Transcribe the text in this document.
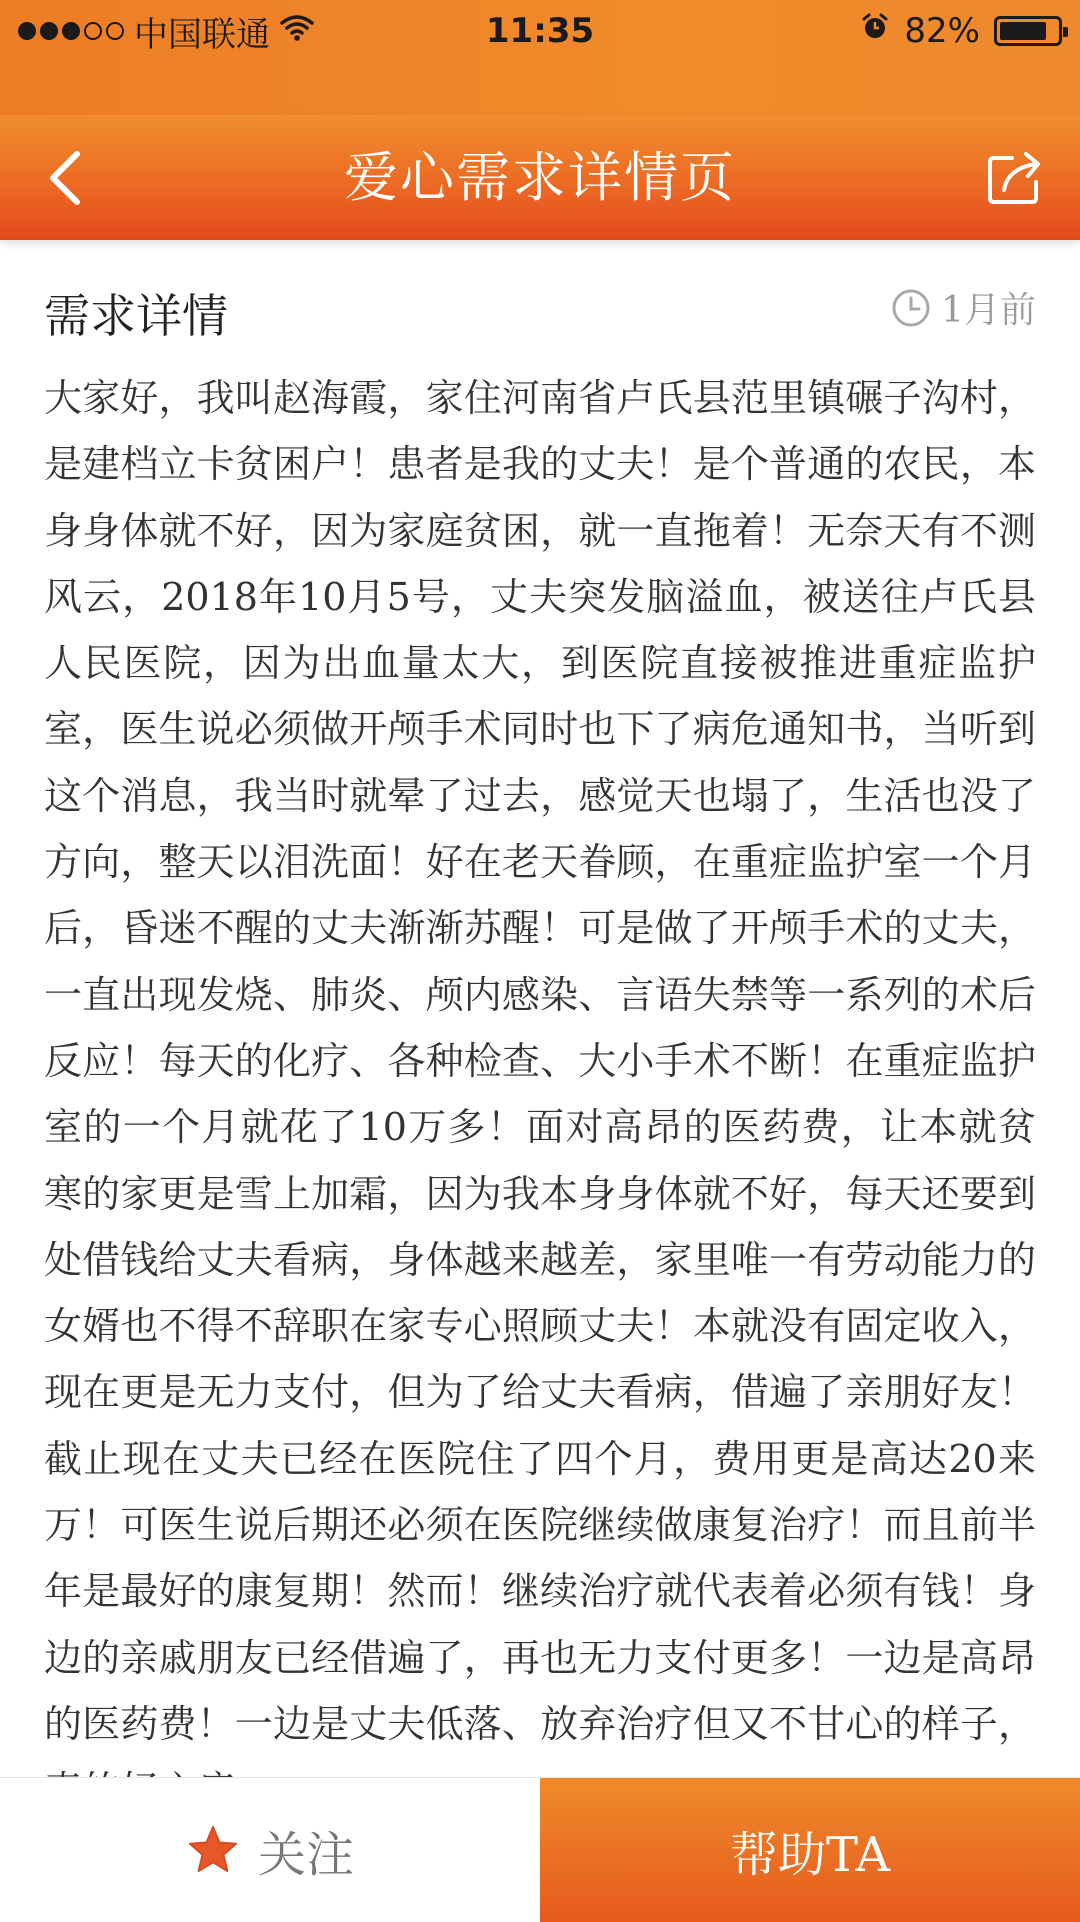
中国联通	11:35	82%
爱心需求详情页
需求详情	1月前
大家好，我叫赵海霞，家住河南省卢氏县范里镇碾子沟村，是建档立卡贫困户！患者是我的丈夫！是个普通的农民，本身身体就不好，因为家庭贫困，就一直拖着！无奈天有不测风云，2018年10月5号，丈夫突发脑溢血，被送往卢氏县人民医院，因为出血量太大，到医院直接被推进重症监护室，医生说必须做开颅手术同时也下了病危通知书，当听到这个消息，我当时就晕了过去，感觉天也塌了，生活也没了方向，整天以泪洗面！好在老天眷顾，在重症监护室一个月后，昏迷不醒的丈夫渐渐苏醒！可是做了开颅手术的丈夫，一直出现发烧、肺炎、颅内感染、言语失禁等一系列的术后反应！每天的化疗、各种检查、大小手术不断！在重症监护室的一个月就花了10万多！面对高昂的医药费，让本就贫寒的家更是雪上加霜，因为我本身身体就不好，每天还要到处借钱给丈夫看病，身体越来越差，家里唯一有劳动能力的女婿也不得不辞职在家专心照顾丈夫！本就没有固定收入，现在更是无力支付，但为了给丈夫看病，借遍了亲朋好友！截止现在丈夫已经在医院住了四个月，费用更是高达20来万！可医生说后期还必须在医院继续做康复治疗！而且前半年是最好的康复期！然而！继续治疗就代表着必须有钱！身边的亲戚朋友已经借遍了，再也无力支付更多！一边是高昂的医药费！一边是丈夫低落、放弃治疗但又不甘心的样子，
关注	帮助TA
